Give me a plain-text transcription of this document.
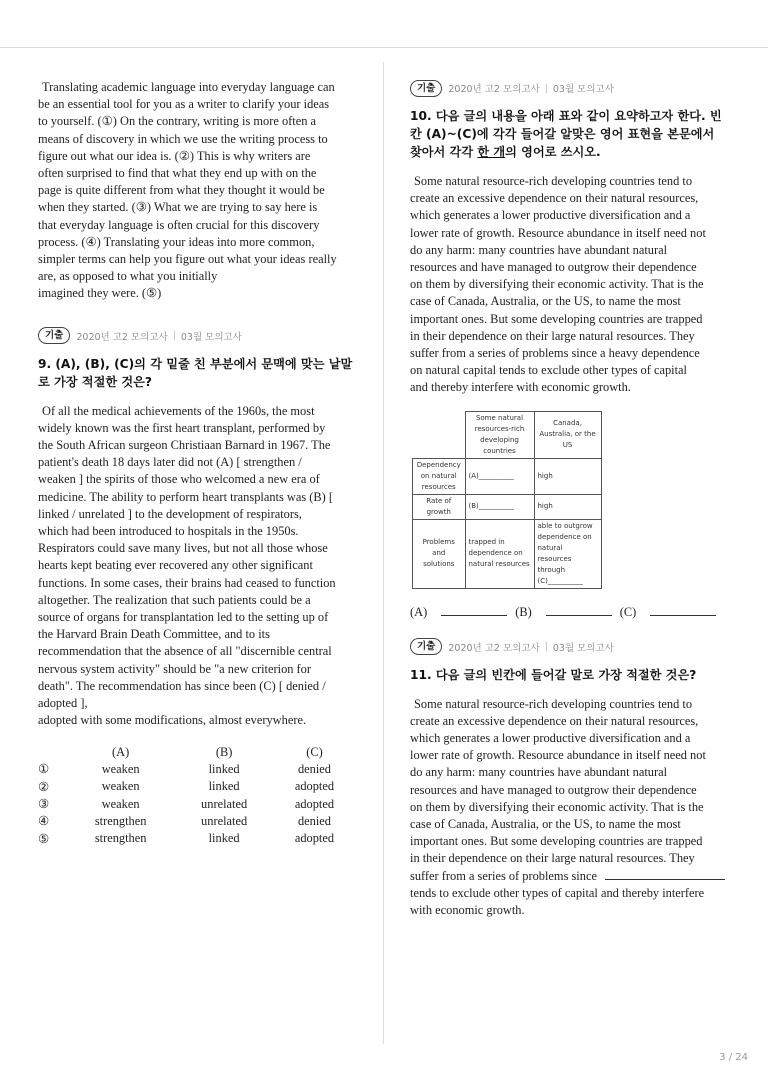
Translating academic language into everyday language can
be an essential tool for you as a writer to clarify your ideas
to yourself. (①) On the contrary, writing is more often a
means of discovery in which we use the writing process to
figure out what our idea is. (②) This is why writers are
often surprised to find that what they end up with on the
page is quite different from what they thought it would be
when they started. (③) What we are trying to say here is
that everyday language is often crucial for this discovery
process. (④) Translating your ideas into more common,
simpler terms can help you figure out what your ideas really
are, as opposed to what you initially
imagined they were. (⑤)
기출	2020년 고2 모의고사 | 03월 모의고사
9. (A), (B), (C)의 각 밑줄 친 부분에서 문맥에 맞는 낱말로 가장 적절한 것은?
Of all the medical achievements of the 1960s, the most
widely known was the first heart transplant, performed by
the South African surgeon Christiaan Barnard in 1967. The
patient's death 18 days later did not (A) [ strengthen /
weaken ] the spirits of those who welcomed a new era of
medicine. The ability to perform heart transplants was (B) [
linked / unrelated ] to the development of respirators,
which had been introduced to hospitals in the 1950s.
Respirators could save many lives, but not all those whose
hearts kept beating ever recovered any other significant
functions. In some cases, their brains had ceased to function
altogether. The realization that such patients could be a
source of organs for transplantation led to the setting up of
the Harvard Brain Death Committee, and to its
recommendation that the absence of all "discernible central
nervous system activity" should be "a new criterion for
death". The recommendation has since been (C) [ denied /
adopted ],
adopted with some modifications, almost everywhere.
	(A)	(B)	(C)
①	weaken	linked	denied
②	weaken	linked	adopted
③	weaken	unrelated	adopted
④	strengthen	unrelated	denied
⑤	strengthen	linked	adopted
기출	2020년 고2 모의고사 | 03월 모의고사
10. 다음 글의 내용을 아래 표와 같이 요약하고자 한다. 빈칸 (A)~(C)에 각각 들어갈 알맞은 영어 표현을 본문에서 찾아서 각각 한 개의 영어로 쓰시오.
Some natural resource-rich developing countries tend to
create an excessive dependence on their natural resources,
which generates a lower productive diversification and a
lower rate of growth. Resource abundance in itself need not
do any harm: many countries have abundant natural
resources and have managed to outgrow their dependence
on them by diversifying their economic activity. That is the
case of Canada, Australia, or the US, to name the most
important ones. But some developing countries are trapped
in their dependence on their large natural resources. They
suffer from a series of problems since a heavy dependence
on natural capital tends to exclude other types of capital
and thereby interfere with economic growth.
	Some natural resources-rich developing countries	Canada, Australia, or the US
Dependency on natural resources	(A)__________	high
Rate of growth	(B)__________	high
Problems and solutions	trapped in dependence on natural resources	able to outgrow dependence on natural resources through (C)__________
(A)	(B)	(C)
기출	2020년 고2 모의고사 | 03월 모의고사
11. 다음 글의 빈칸에 들어갈 말로 가장 적절한 것은?
Some natural resource-rich developing countries tend to
create an excessive dependence on their natural resources,
which generates a lower productive diversification and a
lower rate of growth. Resource abundance in itself need not
do any harm: many countries have abundant natural
resources and have managed to outgrow their dependence
on them by diversifying their economic activity. That is the
case of Canada, Australia, or the US, to name the most
important ones. But some developing countries are trapped
in their dependence on their large natural resources. They
suffer from a series of problems since

tends to exclude other types of capital and thereby interfere
with economic growth.
3 / 24
